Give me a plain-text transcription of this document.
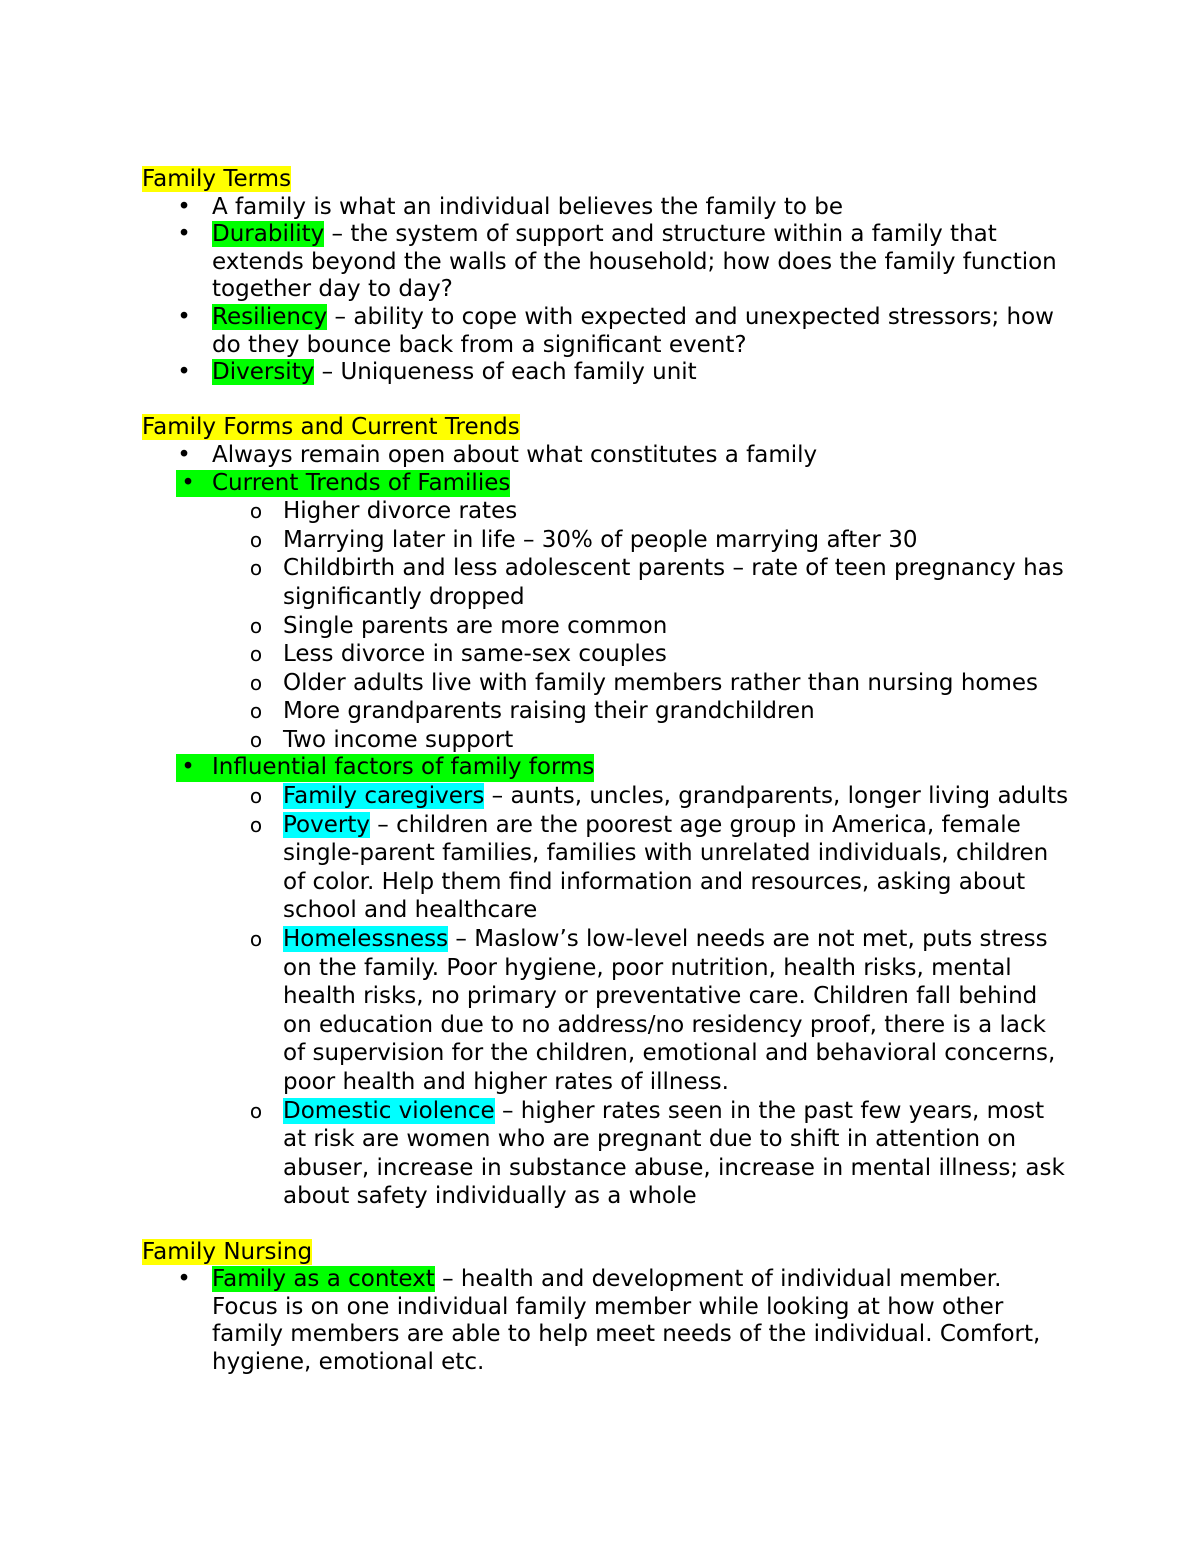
Family Terms

• A family is what an individual believes the family to be
• Durability – the system of support and structure within a family that extends beyond the walls of the household; how does the family function together day to day?
• Resiliency – ability to cope with expected and unexpected stressors; how do they bounce back from a significant event?
• Diversity – Uniqueness of each family unit

Family Forms and Current Trends

• Always remain open about what constitutes a family
• Current Trends of Families
o Higher divorce rates
o Marrying later in life – 30% of people marrying after 30
o Childbirth and less adolescent parents – rate of teen pregnancy has significantly dropped
o Single parents are more common
o Less divorce in same-sex couples
o Older adults live with family members rather than nursing homes
o More grandparents raising their grandchildren
o Two income support
• Influential factors of family forms
o Family caregivers – aunts, uncles, grandparents, longer living adults
o Poverty – children are the poorest age group in America, female single-parent families, families with unrelated individuals, children of color. Help them find information and resources, asking about school and healthcare
o Homelessness – Maslow’s low-level needs are not met, puts stress on the family. Poor hygiene, poor nutrition, health risks, mental health risks, no primary or preventative care. Children fall behind on education due to no address/no residency proof, there is a lack of supervision for the children, emotional and behavioral concerns, poor health and higher rates of illness.
o Domestic violence – higher rates seen in the past few years, most at risk are women who are pregnant due to shift in attention on abuser, increase in substance abuse, increase in mental illness; ask about safety individually as a whole

Family Nursing

• Family as a context – health and development of individual member. Focus is on one individual family member while looking at how other family members are able to help meet needs of the individual. Comfort, hygiene, emotional etc.
